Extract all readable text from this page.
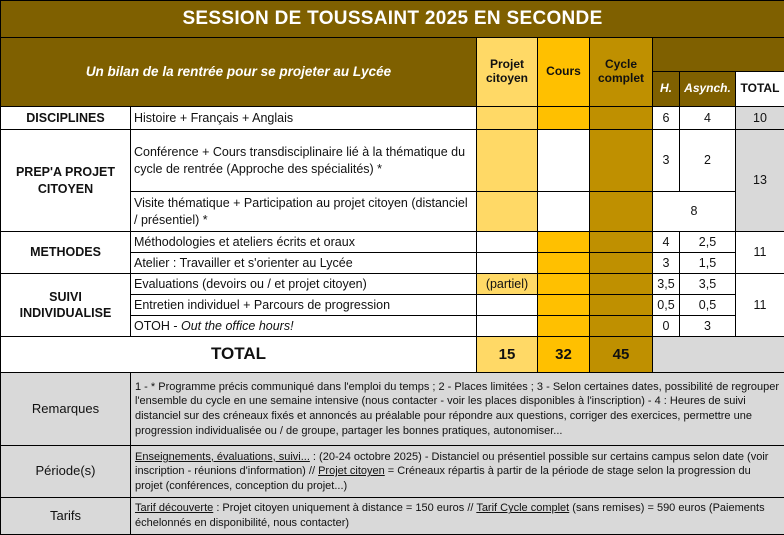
SESSION DE TOUSSAINT 2025 EN SECONDE							
Un bilan de la rentrée pour se projeter au Lycée		Projet citoyen	Cours	Cycle complet			
					H.	Asynch.	TOTAL
DISCIPLINES	Histoire + Français + Anglais				6	4	10
PREP'A PROJET CITOYEN	Conférence + Cours transdisciplinaire lié à la thématique du cycle de rentrée (Approche des spécialités) *				3	2	13
	Visite thématique + Participation au projet citoyen (distanciel / présentiel) *				8		
METHODES	Méthodologies et ateliers écrits et oraux				4	2,5	11
	Atelier : Travailler et s'orienter au Lycée				3	1,5	
SUIVI INDIVIDUALISE	Evaluations (devoirs ou / et projet citoyen)	(partiel)			3,5	3,5	11
	Entretien individuel + Parcours de progression				0,5	0,5	
	OTOH - Out the office hours!				0	3	
TOTAL		15	32	45			
Remarques	1 - * Programme précis communiqué dans l'emploi du temps ; 2 - Places limitées ; 3 - Selon certaines dates, possibilité de regrouper l'ensemble du cycle en une semaine intensive (nous contacter - voir les places disponibles à l'inscription) - 4 : Heures de suivi distanciel sur des créneaux fixés et annoncés au préalable pour répondre aux questions, corriger des exercices, permettre une progression individualisée ou / de groupe, partager les bonnes pratiques, autonomiser...						
Période(s)	Enseignements, évaluations, suivi... : (20-24 octobre 2025) - Distanciel ou présentiel possible sur certains campus selon date (voir inscription - réunions d'information) // Projet citoyen = Créneaux répartis à partir de la période de stage selon la progression du projet (conférences, conception du projet...)						
Tarifs	Tarif découverte : Projet citoyen uniquement à distance = 150 euros // Tarif Cycle complet (sans remises) = 590 euros (Paiements échelonnés en disponibilité, nous contacter)						
